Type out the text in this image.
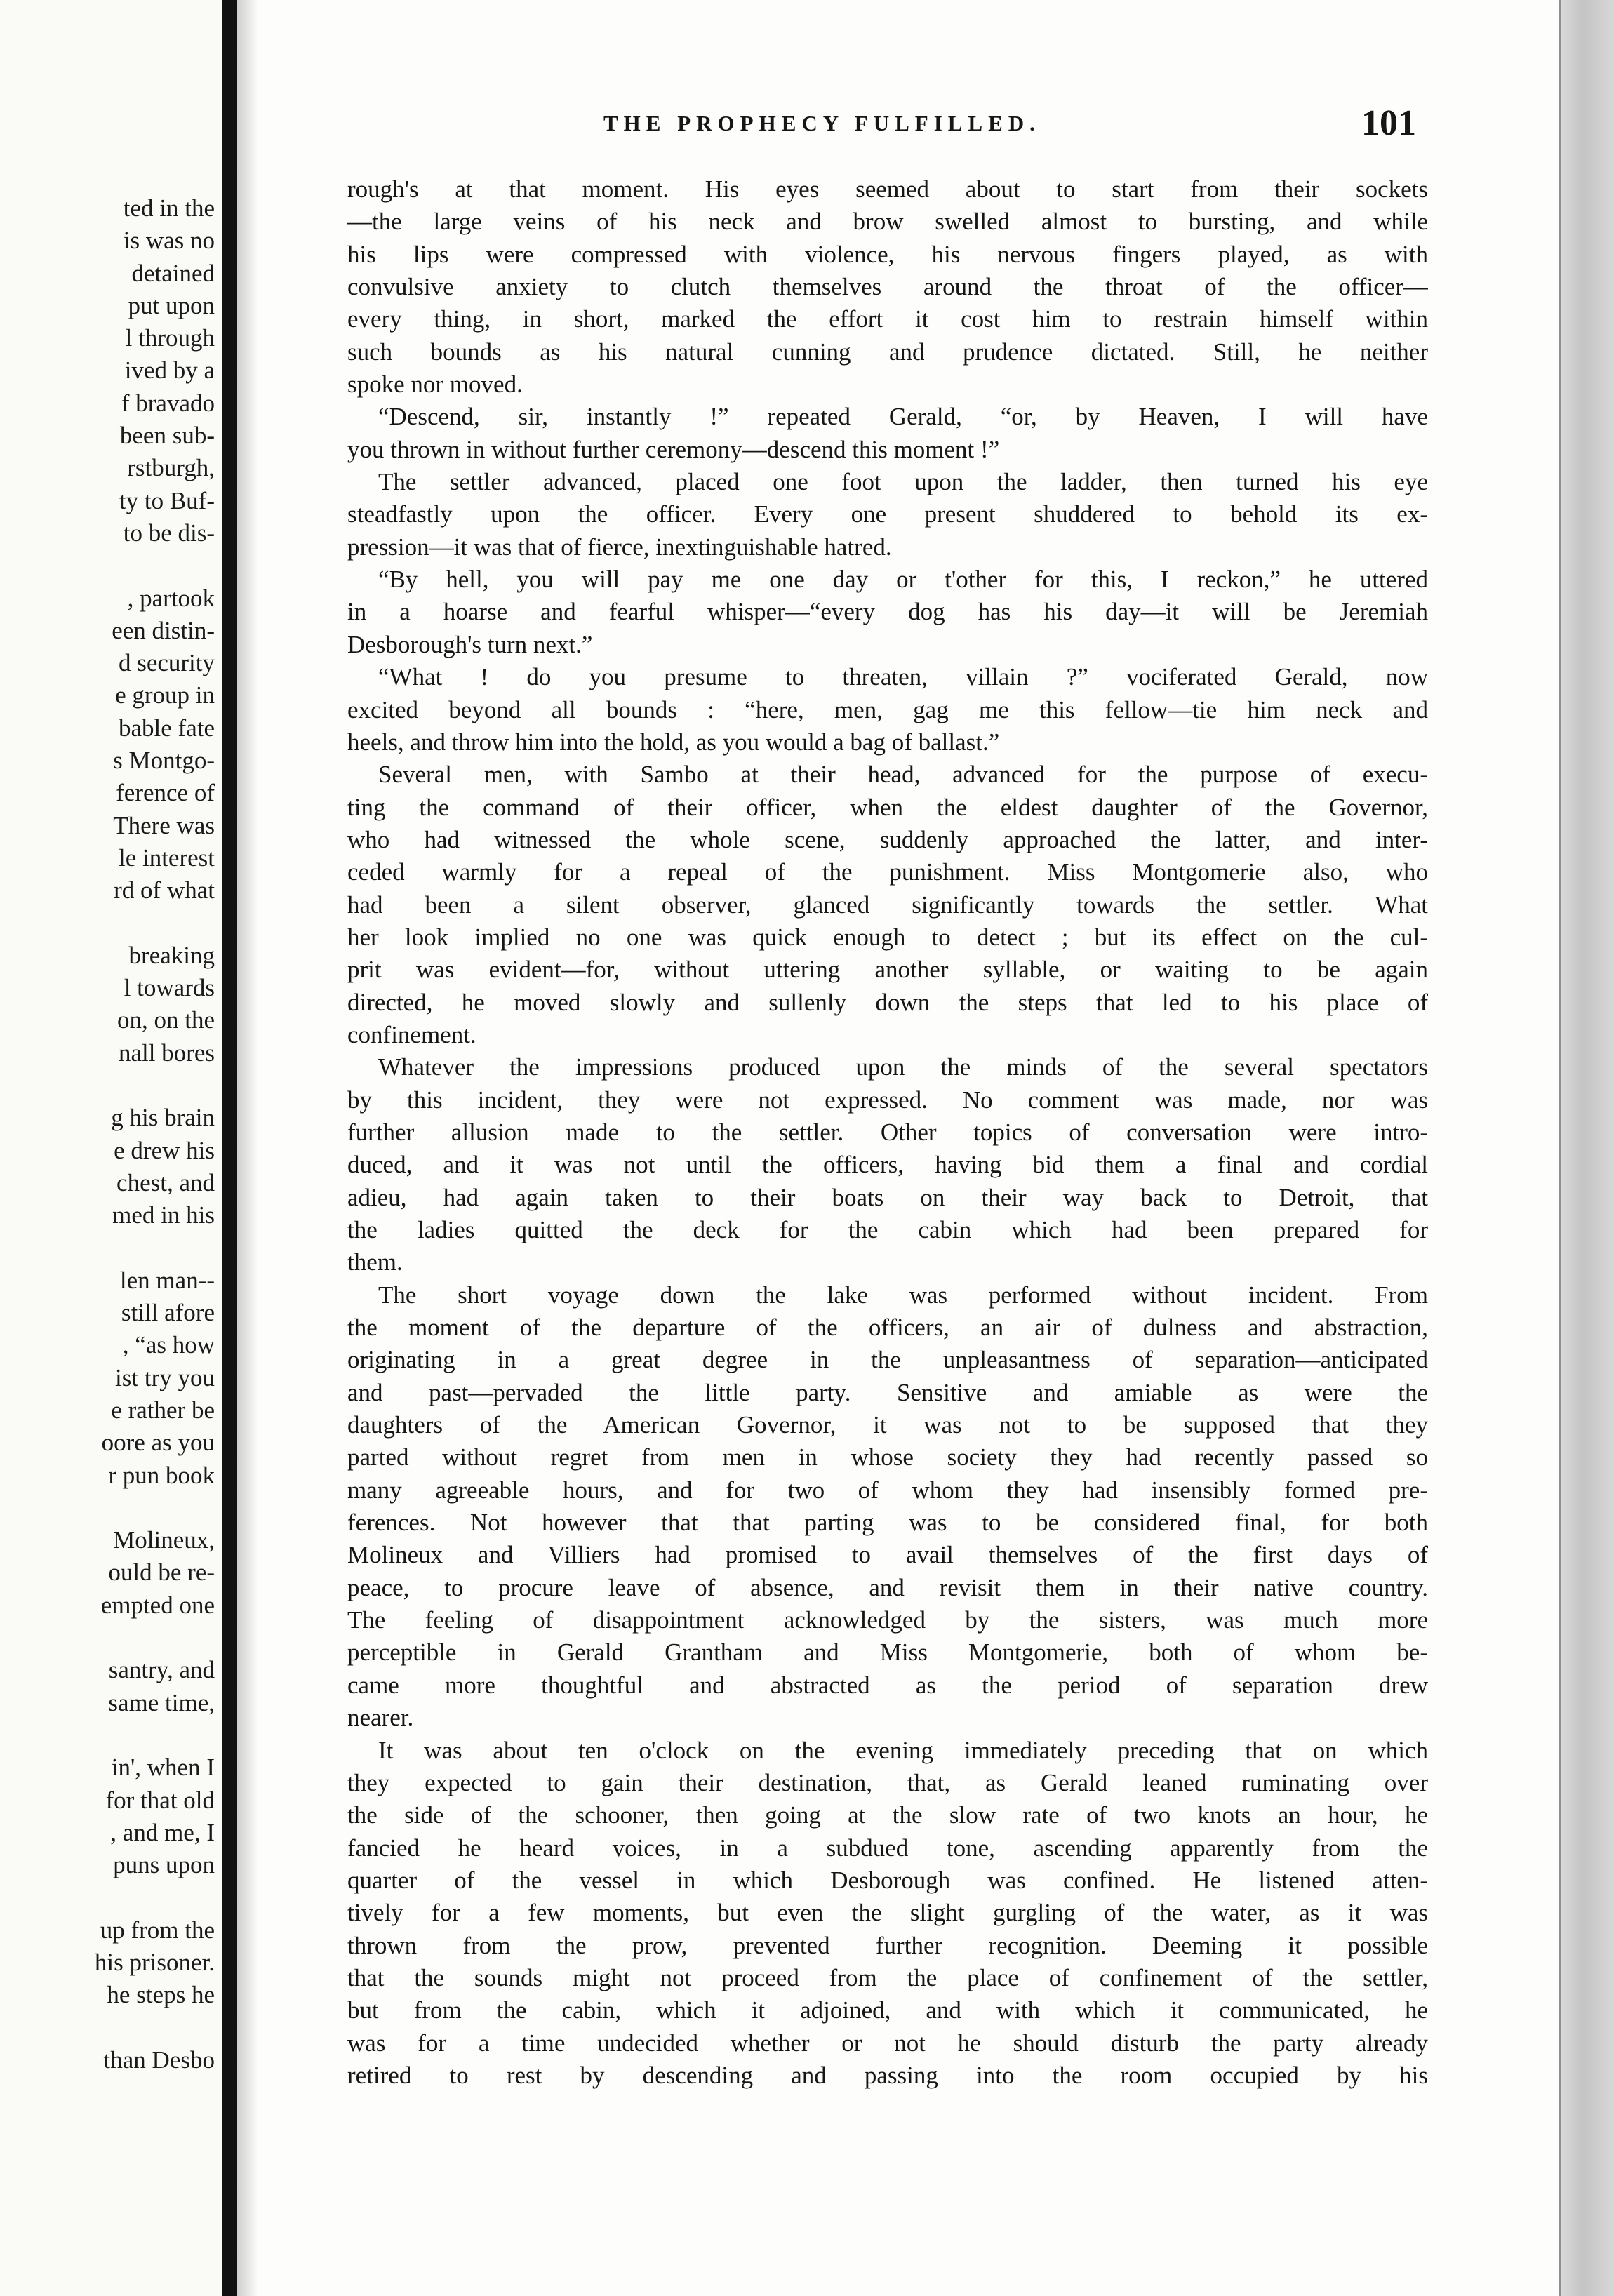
ted in the
is was no
detained
put upon
l through
ived by a
f bravado
been sub-
rstburgh,
ty to Buf-
to be dis-
, partook
een distin-
d security
e group in
bable fate
s Montgo-
ference of
There was
le interest
rd of what
breaking
l towards
on, on the
nall bores
g his brain
e drew his
chest, and
med in his
len man--
still afore
, “as how
ist try you
e rather be
oore as you
r pun book
Molineux,
ould be re-
empted one
santry, and
same time,
in', when I
for that old
, and me, I
puns upon
up from the
his prisoner.
he steps he
than Desbo
THE PROPHECY FULFILLED.	101
rough's at that moment. His eyes seemed about to start from their sockets
—the large veins of his neck and brow swelled almost to bursting, and while
his lips were compressed with violence, his nervous fingers played, as with
convulsive anxiety to clutch themselves around the throat of the officer—
every thing, in short, marked the effort it cost him to restrain himself within
such bounds as his natural cunning and prudence dictated. Still, he neither
spoke nor moved.
“Descend, sir, instantly !” repeated Gerald, “or, by Heaven, I will have
you thrown in without further ceremony—descend this moment !”
The settler advanced, placed one foot upon the ladder, then turned his eye
steadfastly upon the officer. Every one present shuddered to behold its ex-
pression—it was that of fierce, inextinguishable hatred.
“By hell, you will pay me one day or t'other for this, I reckon,” he uttered
in a hoarse and fearful whisper—“every dog has his day—it will be Jeremiah
Desborough's turn next.”
“What ! do you presume to threaten, villain ?” vociferated Gerald, now
excited beyond all bounds : “here, men, gag me this fellow—tie him neck and
heels, and throw him into the hold, as you would a bag of ballast.”
Several men, with Sambo at their head, advanced for the purpose of execu-
ting the command of their officer, when the eldest daughter of the Governor,
who had witnessed the whole scene, suddenly approached the latter, and inter-
ceded warmly for a repeal of the punishment. Miss Montgomerie also, who
had been a silent observer, glanced significantly towards the settler. What
her look implied no one was quick enough to detect ; but its effect on the cul-
prit was evident—for, without uttering another syllable, or waiting to be again
directed, he moved slowly and sullenly down the steps that led to his place of
confinement.
Whatever the impressions produced upon the minds of the several spectators
by this incident, they were not expressed. No comment was made, nor was
further allusion made to the settler. Other topics of conversation were intro-
duced, and it was not until the officers, having bid them a final and cordial
adieu, had again taken to their boats on their way back to Detroit, that
the ladies quitted the deck for the cabin which had been prepared for
them.
The short voyage down the lake was performed without incident. From
the moment of the departure of the officers, an air of dulness and abstraction,
originating in a great degree in the unpleasantness of separation—anticipated
and past—pervaded the little party. Sensitive and amiable as were the
daughters of the American Governor, it was not to be supposed that they
parted without regret from men in whose society they had recently passed so
many agreeable hours, and for two of whom they had insensibly formed pre-
ferences. Not however that that parting was to be considered final, for both
Molineux and Villiers had promised to avail themselves of the first days of
peace, to procure leave of absence, and revisit them in their native country.
The feeling of disappointment acknowledged by the sisters, was much more
perceptible in Gerald Grantham and Miss Montgomerie, both of whom be-
came more thoughtful and abstracted as the period of separation drew
nearer.
It was about ten o'clock on the evening immediately preceding that on which
they expected to gain their destination, that, as Gerald leaned ruminating over
the side of the schooner, then going at the slow rate of two knots an hour, he
fancied he heard voices, in a subdued tone, ascending apparently from the
quarter of the vessel in which Desborough was confined. He listened atten-
tively for a few moments, but even the slight gurgling of the water, as it was
thrown from the prow, prevented further recognition. Deeming it possible
that the sounds might not proceed from the place of confinement of the settler,
but from the cabin, which it adjoined, and with which it communicated, he
was for a time undecided whether or not he should disturb the party already
retired to rest by descending and passing into the room occupied by his
